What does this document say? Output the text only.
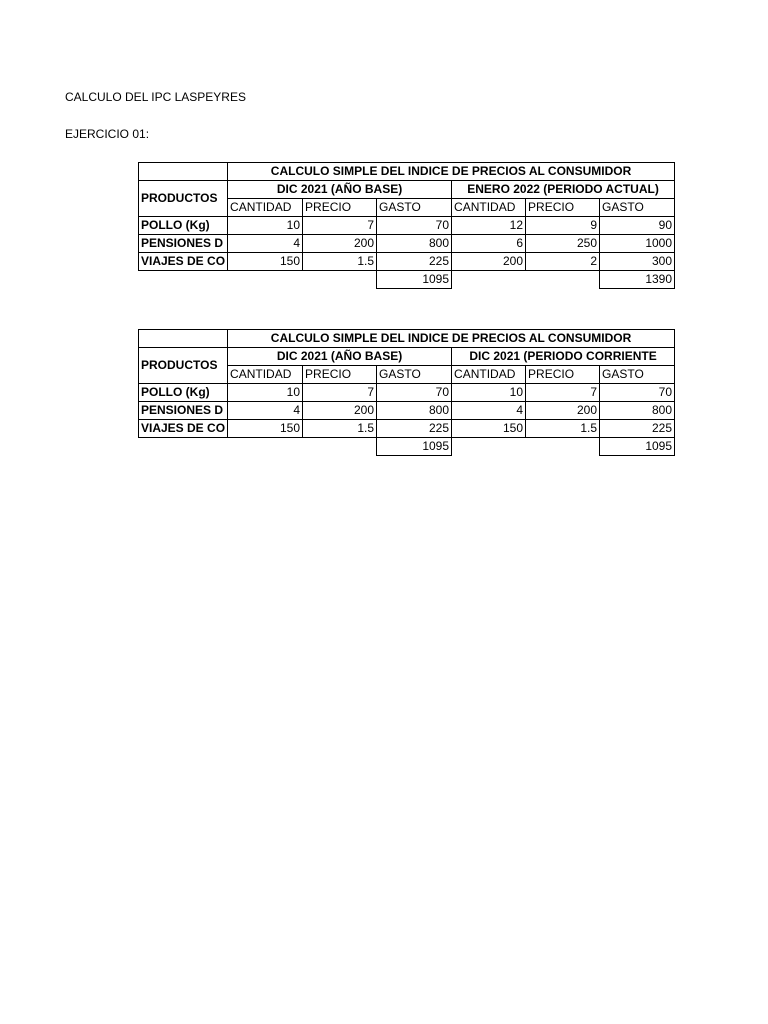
CALCULO DEL IPC LASPEYRES
EJERCICIO 01:
	CALCULO SIMPLE DEL INDICE DE PRECIOS AL CONSUMIDOR					
PRODUCTOS	DIC 2021 (AÑO BASE)			ENERO 2022 (PERIODO ACTUAL)		
	CANTIDAD	PRECIO	GASTO	CANTIDAD	PRECIO	GASTO
POLLO (Kg)	10	7	70	12	9	90
PENSIONES D	4	200	800	6	250	1000
VIAJES DE CO	150	1.5	225	200	2	300
			1095			1390
	CALCULO SIMPLE DEL INDICE DE PRECIOS AL CONSUMIDOR					
PRODUCTOS	DIC 2021 (AÑO BASE)			DIC 2021 (PERIODO CORRIENTE		
	CANTIDAD	PRECIO	GASTO	CANTIDAD	PRECIO	GASTO
POLLO (Kg)	10	7	70	10	7	70
PENSIONES D	4	200	800	4	200	800
VIAJES DE CO	150	1.5	225	150	1.5	225
			1095			1095
